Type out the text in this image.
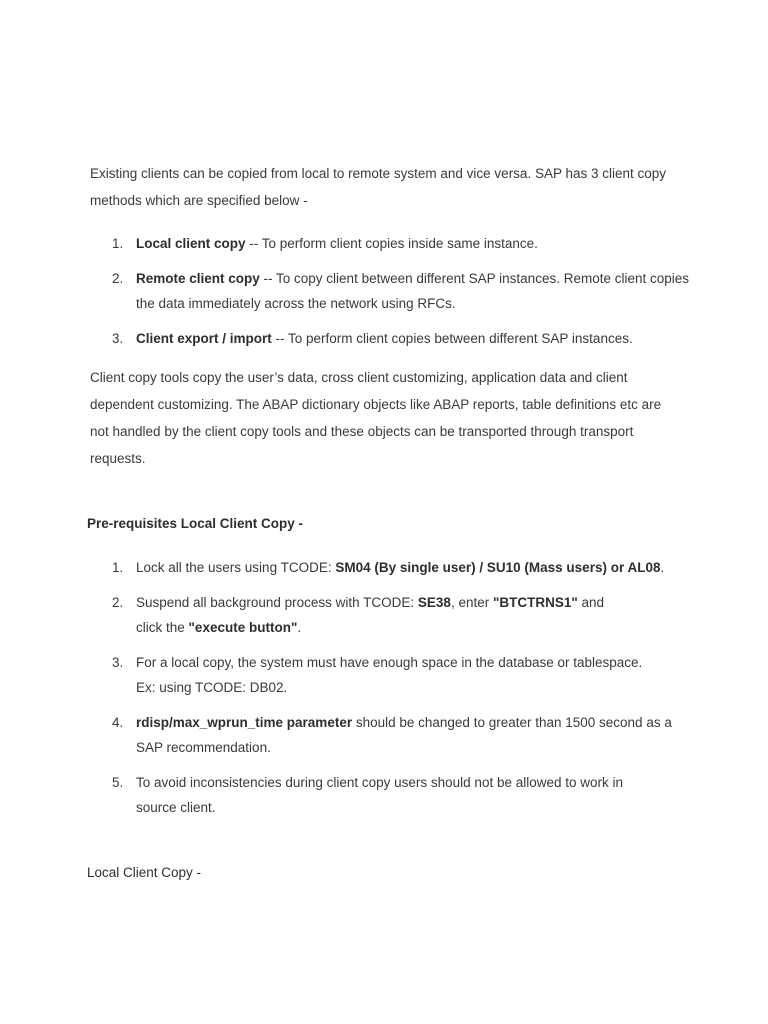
Existing clients can be copied from local to remote system and vice versa. SAP has 3 client copy methods which are specified below -

1. Local client copy -- To perform client copies inside same instance.
2. Remote client copy -- To copy client between different SAP instances. Remote client copies the data immediately across the network using RFCs.
3. Client export / import -- To perform client copies between different SAP instances.

Client copy tools copy the user’s data, cross client customizing, application data and client dependent customizing. The ABAP dictionary objects like ABAP reports, table definitions etc are not handled by the client copy tools and these objects can be transported through transport requests.

Pre-requisites Local Client Copy -

1. Lock all the users using TCODE: SM04 (By single user) / SU10 (Mass users) or AL08.
2. Suspend all background process with TCODE: SE38, enter "BTCTRNS1" and click the "execute button".
3. For a local copy, the system must have enough space in the database or tablespace.
Ex: using TCODE: DB02.
4. rdisp/max_wprun_time parameter should be changed to greater than 1500 second as a SAP recommendation.
5. To avoid inconsistencies during client copy users should not be allowed to work in source client.

Local Client Copy -
